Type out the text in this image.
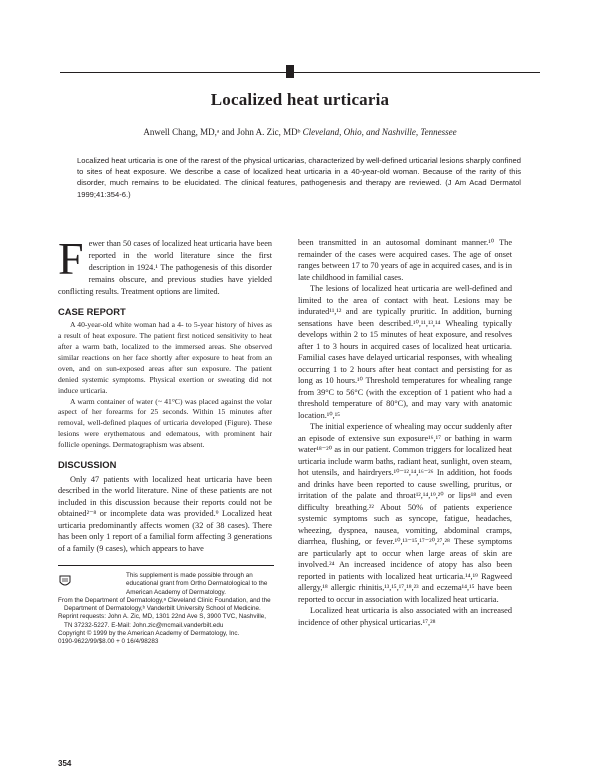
Localized heat urticaria
Anwell Chang, MD,ᵃ and John A. Zic, MDᵇ Cleveland, Ohio, and Nashville, Tennessee

Localized heat urticaria is one of the rarest of the physical urticarias, characterized by well-defined urticarial lesions sharply confined to sites of heat exposure. We describe a case of localized heat urticaria in a 40-year-old woman. Because of the rarity of this disorder, much remains to be elucidated. The clinical features, pathogenesis and therapy are reviewed. (J Am Acad Dermatol 1999;41:354-6.)

Fewer than 50 cases of localized heat urticaria have been reported in the world literature since the first description in 1924.¹ The pathogenesis of this disorder remains obscure, and previous studies have yielded conflicting results. Treatment options are limited.

CASE REPORT

A 40-year-old white woman had a 4- to 5-year history of hives as a result of heat exposure. The patient first noticed sensitivity to heat after a warm bath, localized to the immersed areas. She observed similar reactions on her face shortly after exposure to heat from an oven, and on sun-exposed areas after sun exposure. The patient denied systemic symptoms. Physical exertion or sweating did not induce urticaria.

A warm container of water (~ 41°C) was placed against the volar aspect of her forearms for 25 seconds. Within 15 minutes after removal, well-defined plaques of urticaria developed (Figure). These lesions were erythematous and edematous, with prominent hair follicle openings. Dermatographism was absent.

DISCUSSION

Only 47 patients with localized heat urticaria have been described in the world literature. Nine of these patients are not included in this discussion because their reports could not be obtained²⁻⁸ or incomplete data was provided.⁹ Localized heat urticaria predominantly affects women (32 of 38 cases). There has been only 1 report of a familial form affecting 3 generations of a family (9 cases), which appears to have

This supplement is made possible through an educational grant from Ortho Dermatological to the American Academy of Dermatology.

From the Department of Dermatology,ᵃ Cleveland Clinic Foundation, and the Department of Dermatology,ᵇ Vanderbilt University School of Medicine.

Reprint requests: John A. Zic, MD, 1301 22nd Ave S, 3900 TVC, Nashville, TN 37232-5227. E-Mail: John.zic@mcmail.vanderbilt.edu

Copyright © 1999 by the American Academy of Dermatology, Inc.

0190-9622/99/$8.00 + 0 16/4/98283

been transmitted in an autosomal dominant manner.¹⁰ The remainder of the cases were acquired cases. The age of onset ranges between 17 to 70 years of age in acquired cases, and is in late childhood in familial cases.

The lesions of localized heat urticaria are well-defined and limited to the area of contact with heat. Lesions may be indurated¹¹,¹² and are typically pruritic. In addition, burning sensations have been described.¹⁰,¹¹,¹³,¹⁴ Whealing typically develops within 2 to 15 minutes of heat exposure, and resolves after 1 to 3 hours in acquired cases of localized heat urticaria. Familial cases have delayed urticarial responses, with whealing occurring 1 to 2 hours after heat contact and persisting for as long as 10 hours.¹⁰ Threshold temperatures for whealing range from 39°C to 56°C (with the exception of 1 patient who had a threshold temperature of 80°C), and may vary with anatomic location.¹⁰,¹⁵

The initial experience of whealing may occur suddenly after an episode of extensive sun exposure¹⁶,¹⁷ or bathing in warm water¹⁸⁻²⁰ as in our patient. Common triggers for localized heat urticaria include warm baths, radiant heat, sunlight, oven steam, hot utensils, and hairdryers.¹⁰⁻¹²,¹⁴,¹⁶⁻²⁶ In addition, hot foods and drinks have been reported to cause swelling, pruritus, or irritation of the palate and throat¹²,¹⁴,¹⁹,²⁰ or lips¹⁸ and even difficulty breathing.²² About 50% of patients experience systemic symptoms such as syncope, fatigue, headaches, wheezing, dyspnea, nausea, vomiting, abdominal cramps, diarrhea, flushing, or fever.¹⁰,¹³⁻¹⁵,¹⁷⁻²⁰,²⁷,²⁸ These symptoms are particularly apt to occur when large areas of skin are involved.²⁴ An increased incidence of atopy has also been reported in patients with localized heat urticaria.¹⁴,¹⁹ Ragweed allergy,¹⁸ allergic rhinitis,¹³,¹⁵,¹⁷,¹⁸,²³ and eczema¹⁴,¹⁵ have been reported to occur in association with localized heat urticaria.

Localized heat urticaria is also associated with an increased incidence of other physical urticarias.¹⁷,²⁸

354
